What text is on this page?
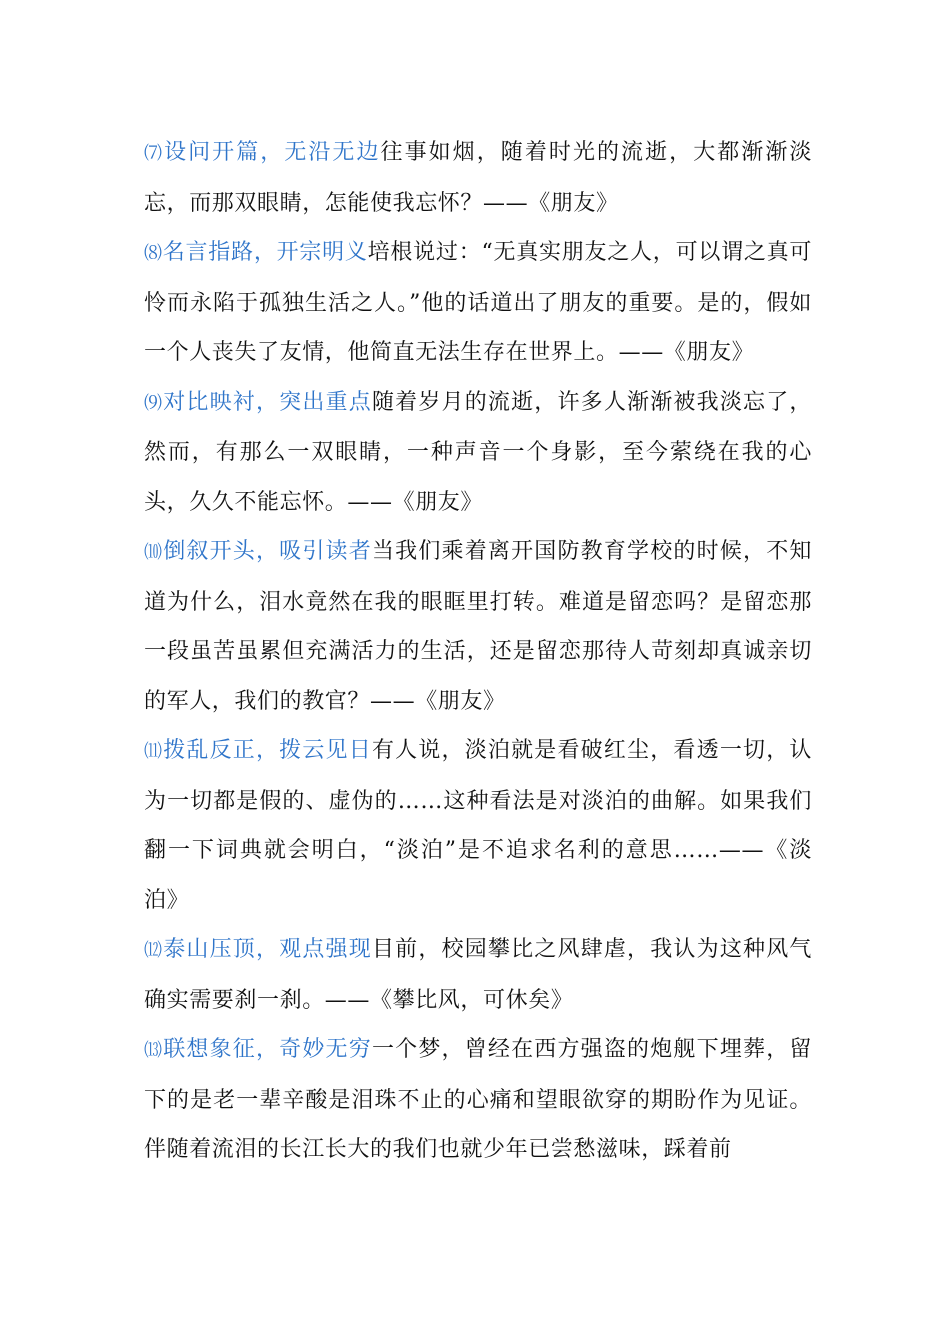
⑺设问开篇，无沿无边往事如烟，随着时光的流逝，大都渐渐淡忘，而那双眼睛，怎能使我忘怀？——《朋友》

⑻名言指路，开宗明义培根说过：“无真实朋友之人，可以谓之真可怜而永陷于孤独生活之人。”他的话道出了朋友的重要。是的，假如一个人丧失了友情，他简直无法生存在世界上。——《朋友》

⑼对比映衬，突出重点随着岁月的流逝，许多人渐渐被我淡忘了，然而，有那么一双眼睛，一种声音一个身影，至今萦绕在我的心头，久久不能忘怀。——《朋友》

⑽倒叙开头，吸引读者当我们乘着离开国防教育学校的时候，不知道为什么，泪水竟然在我的眼眶里打转。难道是留恋吗？是留恋那一段虽苦虽累但充满活力的生活，还是留恋那待人苛刻却真诚亲切的军人，我们的教官？——《朋友》

⑾拨乱反正，拨云见日有人说，淡泊就是看破红尘，看透一切，认为一切都是假的、虚伪的……这种看法是对淡泊的曲解。如果我们翻一下词典就会明白，“淡泊”是不追求名利的意思……——《淡泊》

⑿泰山压顶，观点强现目前，校园攀比之风肆虐，我认为这种风气确实需要刹一刹。——《攀比风，可休矣》

⒀联想象征，奇妙无穷一个梦，曾经在西方强盗的炮舰下埋葬，留下的是老一辈辛酸是泪珠不止的心痛和望眼欲穿的期盼作为见证。伴随着流泪的长江长大的我们也就少年已尝愁滋味，踩着前
